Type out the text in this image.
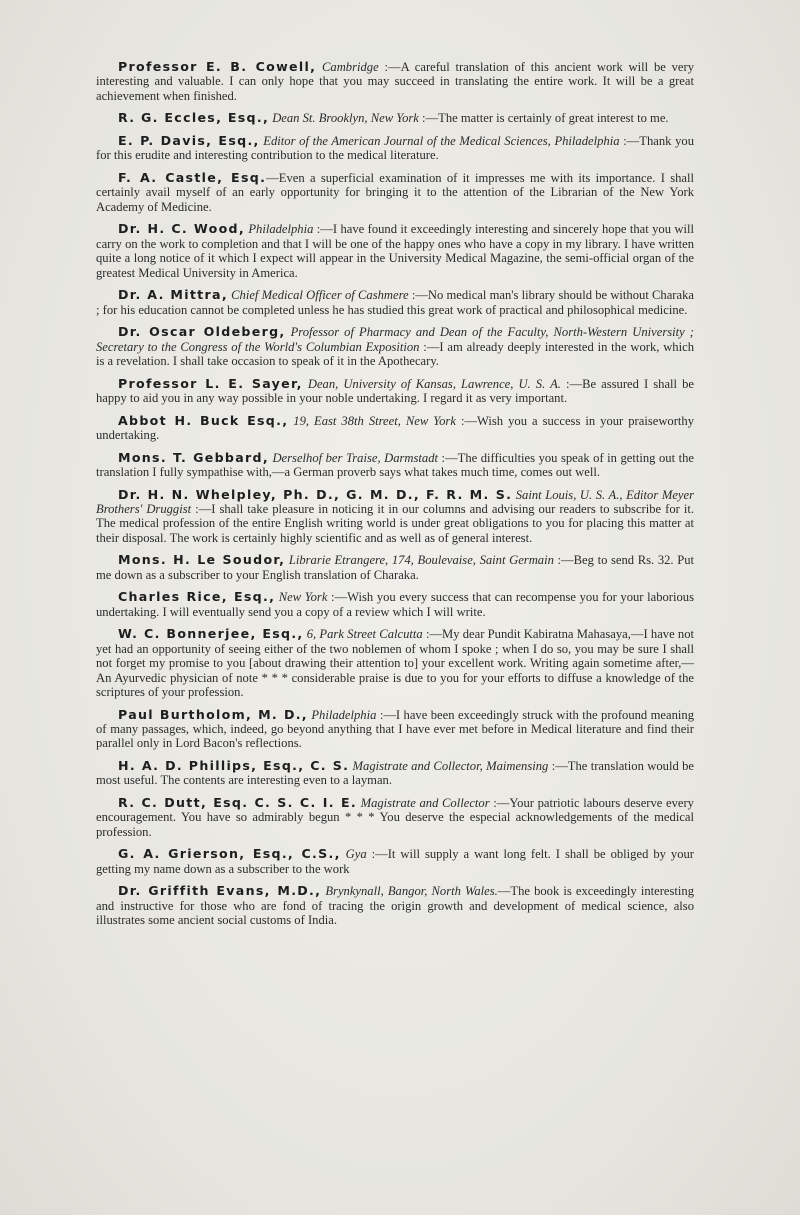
Professor E. B. Cowell, Cambridge :—A careful translation of this ancient work will be very interesting and valuable. I can only hope that you may succeed in translating the entire work. It will be a great achievement when finished.

R. G. Eccles, Esq., Dean St. Brooklyn, New York :—The matter is certainly of great interest to me.

E. P. Davis, Esq., Editor of the American Journal of the Medical Sciences, Philadelphia :—Thank you for this erudite and interesting contribution to the medical literature.

F. A. Castle, Esq.—Even a superficial examination of it impresses me with its importance. I shall certainly avail myself of an early opportunity for bringing it to the attention of the Librarian of the New York Academy of Medicine.

Dr. H. C. Wood, Philadelphia :—I have found it exceedingly interesting and sincerely hope that you will carry on the work to completion and that I will be one of the happy ones who have a copy in my library. I have written quite a long notice of it which I expect will appear in the University Medical Magazine, the semi-official organ of the greatest Medical University in America.

Dr. A. Mittra, Chief Medical Officer of Cashmere :—No medical man's library should be without Charaka ; for his education cannot be completed unless he has studied this great work of practical and philosophical medicine.

Dr. Oscar Oldeberg, Professor of Pharmacy and Dean of the Faculty, North-Western University ; Secretary to the Congress of the World's Columbian Exposition :—I am already deeply interested in the work, which is a revelation. I shall take occasion to speak of it in the Apothecary.

Professor L. E. Sayer, Dean, University of Kansas, Lawrence, U. S. A. :—Be assured I shall be happy to aid you in any way possible in your noble undertaking. I regard it as very important.

Abbot H. Buck Esq., 19, East 38th Street, New York :—Wish you a success in your praiseworthy undertaking.

Mons. T. Gebbard, Derselhof ber Traise, Darmstadt :—The difficulties you speak of in getting out the translation I fully sympathise with,—a German proverb says what takes much time, comes out well.

Dr. H. N. Whelpley, Ph. D., G. M. D., F. R. M. S. Saint Louis, U. S. A., Editor Meyer Brothers' Druggist :—I shall take pleasure in noticing it in our columns and advising our readers to subscribe for it. The medical profession of the entire English writing world is under great obligations to you for placing this matter at their disposal. The work is certainly highly scientific and as well as of general interest.

Mons. H. Le Soudor, Librarie Etrangere, 174, Boulevaise, Saint Germain :—Beg to send Rs. 32. Put me down as a subscriber to your English translation of Charaka.

Charles Rice, Esq., New York :—Wish you every success that can recompense you for your laborious undertaking. I will eventually send you a copy of a review which I will write.

W. C. Bonnerjee, Esq., 6, Park Street Calcutta :—My dear Pundit Kabiratna Mahasaya,—I have not yet had an opportunity of seeing either of the two noblemen of whom I spoke ; when I do so, you may be sure I shall not forget my promise to you [about drawing their attention to] your excellent work. Writing again sometime after,—An Ayurvedic physician of note * * * considerable praise is due to you for your efforts to diffuse a knowledge of the scriptures of your profession.

Paul Burtholom, M. D., Philadelphia :—I have been exceedingly struck with the profound meaning of many passages, which, indeed, go beyond anything that I have ever met before in Medical literature and find their parallel only in Lord Bacon's reflections.

H. A. D. Phillips, Esq., C. S. Magistrate and Collector, Maimensing :—The translation would be most useful. The contents are interesting even to a layman.

R. C. Dutt, Esq. C. S. C. I. E. Magistrate and Collector :—Your patriotic labours deserve every encouragement. You have so admirably begun * * * You deserve the especial acknowledgements of the medical profession.

G. A. Grierson, Esq., C.S., Gya :—It will supply a want long felt. I shall be obliged by your getting my name down as a subscriber to the work

Dr. Griffith Evans, M.D., Brynkynall, Bangor, North Wales.—The book is exceedingly interesting and instructive for those who are fond of tracing the origin growth and development of medical science, also illustrates some ancient social customs of India.
